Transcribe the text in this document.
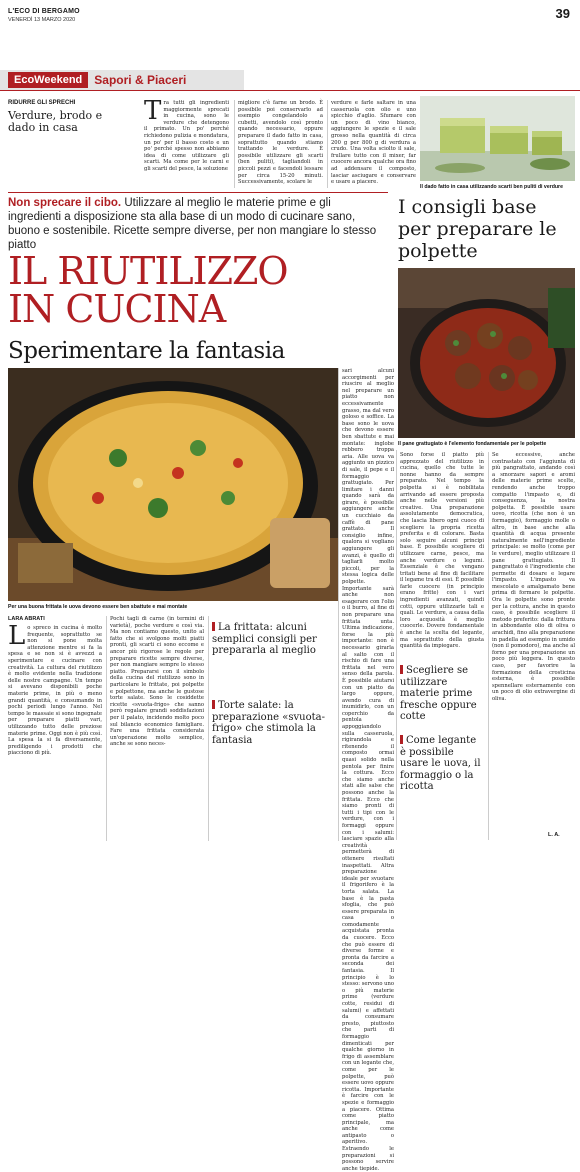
L'ECO DI BERGAMO
VENERDÌ 13 MARZO 2020	39
EcoWeekend	Sapori & Piaceri
RIDURRE GLI SPRECHI
Verdure, brodo e dado in casa
Tra tutti gli ingredienti maggiormente sprecati in cucina, sono le verdure che detengono il primato. Un po' perché richiedono pulizia e mondatura, un po' per il basso costo e un po' perché spesso non abbiamo idea di come utilizzare gli scarti. Ma come per le carni e gli scarti del pesce, la soluzione
migliore c'è farne un brodo. È possibile poi conservarlo ad esempio congelandolo a cubetti, avendolo così pronto quando necessario, oppure preparare il dado fatto in casa, soprattutto quando stiamo trattando le verdure. È possibile utilizzare gli scarti (ben puliti), tagliandoli in piccoli pezzi e facendoli lessare per circa 15-20 minuti. Successivamente, scolare le
verdure e farle saltare in una casseruola con olio e uno spicchio d'aglio. Sfumare con un poco di vino bianco, aggiungere le spezie e il sale grosso nella quantità di circa 200 g per 800 g di verdura a crudo. Una volta sciolto il sale, frullare tutto con il mixer, far cuocere ancora qualche ora fino ad addensare il composto, lasciar asciugare e conservare e usare a piacere.
Il dado fatto in casa utilizzando scarti ben puliti di verdure
Non sprecare il cibo. Utilizzare al meglio le materie prime e gli ingredienti a disposizione sta alla base di un modo di cucinare sano, buono e sostenibile. Ricette sempre diverse, per non mangiare lo stesso piatto
IL RIUTILIZZO
IN CUCINA
Sperimentare la fantasia
I consigli base per preparare le polpette
Il pane grattugiato è l'elemento fondamentale per le polpette
Per una buona frittata le uova devono essere ben sbattute e mai montate
LARA ABRATI
Lo spreco in cucina è molto frequente, soprattutto se non si pone molta attenzione mentre si fa la spesa e se non si è avvezzi a sperimentare e cucinare con creatività. La cultura del riutilizzo è molto evidente nella tradizione delle nostre campagne. Un tempo si avevano disponibili poche materie prime, in più o meno grandi quantità, e consumando in pochi periodi lungo l'anno. Nel tempo le massaie si sono ingegnate per preparare piatti vari, utilizzando tutto delle preziose materie prime. Oggi non è più così. La spesa la si fa diversamente, prediligendo i prodotti che piacciono di più.
Pochi tagli di carne (in termini di varietà), poche verdure e così via. Ma non contiamo questo, unito al fatto che si svolgono molti piatti pronti, gli scarti ci sono eccome e ancor più rigorose le regole per preparare ricette sempre diverse, per non mangiare sempre lo stesso piatto. Prepararsi con il simbolo della cucina del riutilizzo sono in particolare le frittate, poi polpette e polpettone, ma anche le gustose torte salate. Sono le cosiddette ricette «svuota-frigo» che sanno però regalare grandi soddisfazioni per il palato, incidendo molto poco sul bilancio economico famigliare. Fare una frittata considerata un'operazione molto semplice, anche se sono neces-
La frittata: alcuni semplici consigli per prepararla al meglio
Torte salate: la preparazione «svuota-frigo» che stimola la fantasia
sari alcuni accorgimenti per riuscire al meglio nel preparare un piatto non eccessivamente grasso, ma dal vero goloso e soffice. La base sono le uova che devono essere ben sbattute e mai montate: inglobe rebbero troppa aria. Alle uova va aggiunto un pizzico di sale, il pepe e il formaggio grattugiato. Per limitare i danni quando sarà da girare, è possibile aggiungere anche un cucchiaio da caffè di pane grattato. Il consiglio infine, qualora si vogliano aggiungere gli avanzi, è quello di tagliarli molto piccoli, per la stessa logica delle polpette. Importante sarà anche non esagerare con l'olio o il burro, al fine di non preparare una frittata unta. Ultima indicazione, forse la più importante: non è necessario girarla al salto con il rischio di fare una frittata nel vero senso della parola. È possibile aiutarsi con un piatto da largo oppure, avendo cura di inumidirlo, con un coperchio da pentola appoggiandolo sulla casseruola, rigirandola e ritenendo il composto ormai quasi solido nella pentola per finire la cottura. Ecco che siamo anche stati alle salse che possono anche la frittata. Ecco che siamo pronti di tutti i tipi con le verdure, con i formaggi oppure con i salumi: lasciare spazio alla creatività permetterà di ottenere risultati inaspettati. Altra preparazione ideale per svuotare il frigorifero è la torta salata. La base è la pasta sfoglia, che può essere preparata in casa o comodamente acquistata pronta da cuocere. Ecco che può essere di diverse forme e pronta da farcire a seconda dei fantasia. Il principio è lo stesso: servono uno o più materie prime (verdure cotte, residui di salumi) e affettati da consumare presto, piuttosto che parti di formaggio dimenticati per qualche giorno in frigo di assemblare con un legante che, come per le polpette, può essere uovo oppure ricotta. Importante è farcire con le spezie e formaggio a piacere. Ottima come piatto principale, ma anche come antipasto o aperitivo. Estraendo le preparazioni si possono servire anche tiepide.
Sono forse il piatto più apprezzato del riutilizzo in cucina, quello che tutte le nonne hanno da sempre preparato. Nel tempo la polpetta si è nobilitata arrivando ad essere proposta anche nelle versioni più creative. Una preparazione assolutamente democratica, che lascia libero ogni cuoco di scegliere la propria ricetta preferita e di colorare. Basta solo seguire alcuni principi base. È possibile scegliere di utilizzare carne, pesce, ma anche verdure o legumi. Essenziale è che vengano tritati bene al fine di facilitare il legame tra di essi. È possibile farle cuocere (in principio erano fritte) con i vari ingredienti avanzati, quindi cotti, oppure utilizzarle tali e quali. Le verdure, a causa della loro acquosità è meglio cuocerle. Dovere fondamentale è anche la scelta del legante, ma soprattutto della giusta quantità da impiegare.
Se eccessive, anche contrastato con l'aggiunta di più pangrattato, andando così a smorzare sapori e aromi delle materie prime scelte, rendendo anche troppo compatto l'impasto e, di conseguenza, la nostra polpetta. È possibile usare uovo, ricotta (che non è un formaggio), formaggio molle o altro, in base anche alla quantità di acqua presente naturalmente nell'ingrediente principale: se molto (come per le verdure), meglio utilizzare il pane grattugiato. Il pangrattato è l'ingrediente che permette di dosare e legare l'impasto. L'impasto va mescolato e amalgamato bene prima di formare le polpette. Ora le polpette sono pronte per la cottura, anche in questo caso, è possibile scegliere il metodo preferito: dalla frittura in abbondante olio di oliva o arachidi, fino alla preparazione in padella ad esempio in umido (non il pomodoro), ma anche al forno per una preparazione un poco più leggera. In questo caso, per favorire la formazione della crosticina esterna, è possibile spennellare esternamente con un poco di olio extravergine di oliva.
Scegliere se utilizzare materie prime fresche oppure cotte
Come legante è possibile usare le uova, il formaggio o la ricotta
L. A.
